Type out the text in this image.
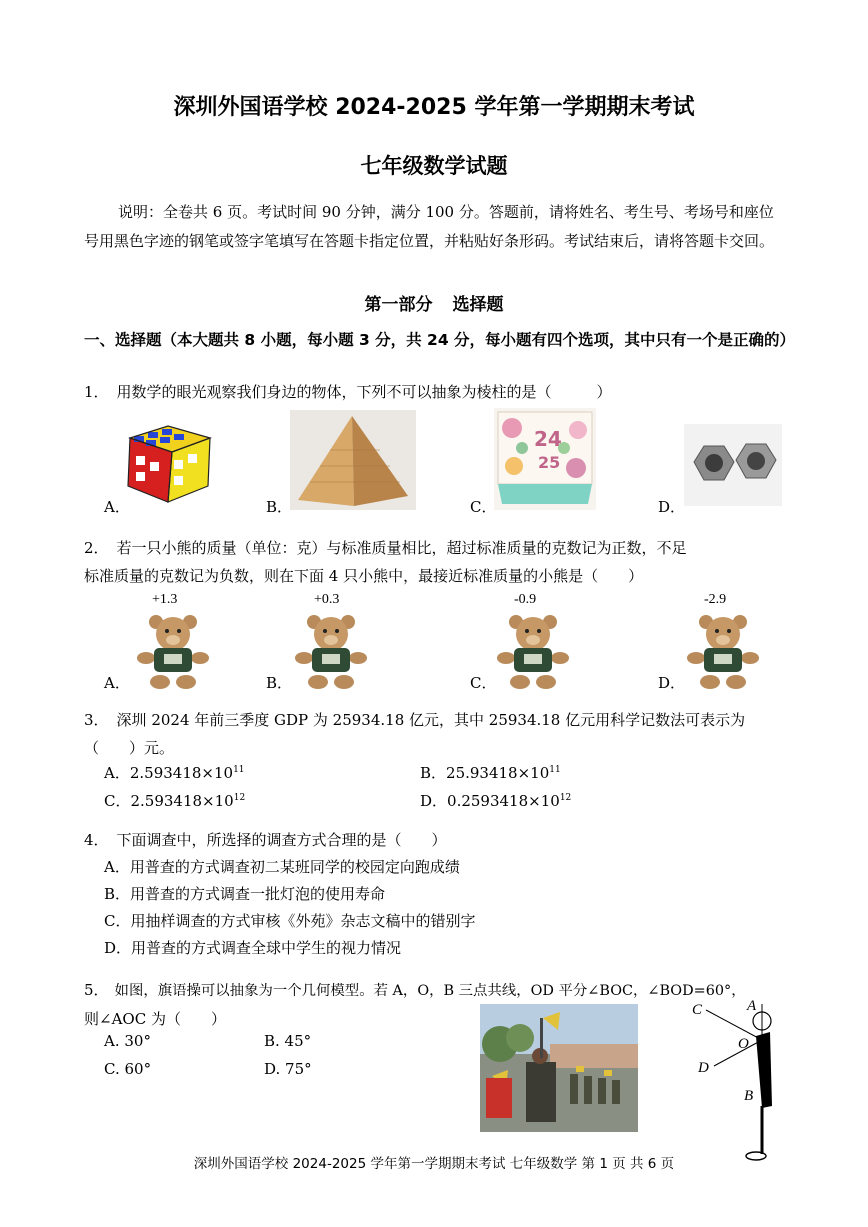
深圳外国语学校 2024-2025 学年第一学期期末考试
七年级数学试题
说明：全卷共 6 页。考试时间 90 分钟，满分 100 分。答题前，请将姓名、考生号、考场号和座位号用黑色字迹的钢笔或签字笔填写在答题卡指定位置，并粘贴好条形码。考试结束后，请将答题卡交回。
第一部分 选择题
一、选择题（本大题共 8 小题，每小题 3 分，共 24 分，每小题有四个选项，其中只有一个是正确的）
1． 用数学的眼光观察我们身边的物体，下列不可以抽象为棱柱的是（　　　）
A．	B．
24
25
C．	D．
2． 若一只小熊的质量（单位：克）与标准质量相比，超过标准质量的克数记为正数，不足
标准质量的克数记为负数，则在下面 4 只小熊中，最接近标准质量的小熊是（　　）
+1.3	+0.3	-0.9	-2.9
A．	B．	C．	D．
3． 深圳 2024 年前三季度 GDP 为 25934.18 亿元，其中 25934.18 亿元用科学记数法可表示为
（　　）元。
A．$2.593418\times 10^{11}$	B．$25.93418\times 10^{11}$
C．$2.593418\times 10^{12}$	D．$0.2593418\times 10^{12}$
4． 下面调查中，所选择的调查方式合理的是（　　）
A．用普查的方式调查初二某班同学的校园定向跑成绩
B．用普查的方式调查一批灯泡的使用寿命
C．用抽样调查的方式审核《外苑》杂志文稿中的错别字
D．用普查的方式调查全球中学生的视力情况
5． 如图，旗语操可以抽象为一个几何模型。若 A，O，B 三点共线，OD 平分∠BOC，∠BOD=60°，
则∠AOC 为（　　）
A. 30°	B. 45°
C. 60°	D. 75°
C	A
O
D
B
深圳外国语学校 2024-2025 学年第一学期期末考试 七年级数学 第 1 页 共 6 页
